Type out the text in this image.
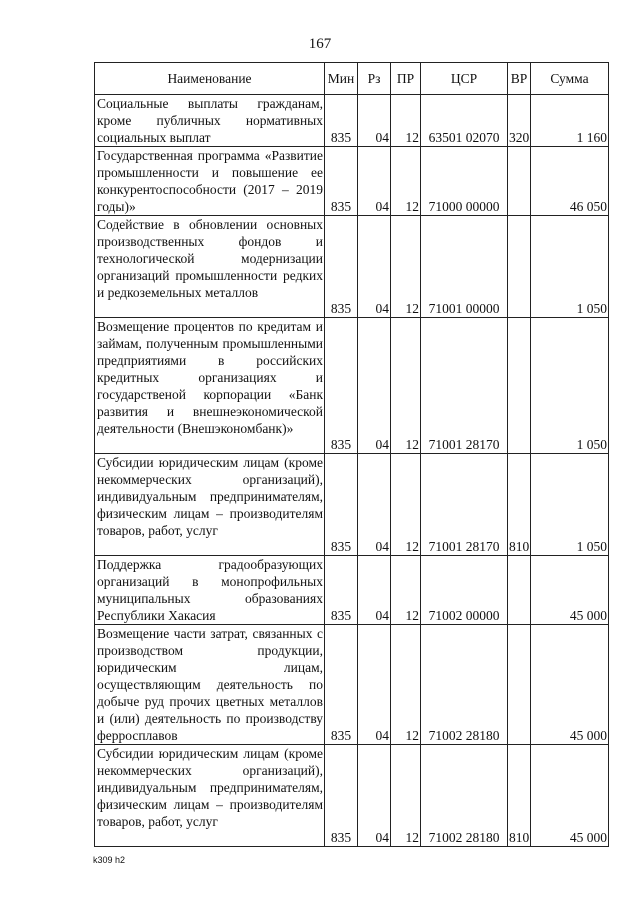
167
Наименование	Мин	Рз	ПР	ЦСР	ВР	Сумма
Социальные выплаты гражданам, кроме публичных нормативных социальных выплат	835	04	12	63501 02070	320	1 160
Государственная программа «Развитие промышленности и повышение ее конкурентоспособности (2017 – 2019 годы)»	835	04	12	71000 00000		46 050
Содействие в обновлении основных производственных фондов и технологической модернизации организаций промышленности редких и редкоземельных металлов	835	04	12	71001 00000		1 050
Возмещение процентов по кредитам и займам, полученным промышленными предприятиями в российских кредитных организациях и государственой корпорации «Банк развития и внешнеэкономической деятельности (Внешэкономбанк)»	835	04	12	71001 28170		1 050
Субсидии юридическим лицам (кроме некоммерческих организаций), индивидуальным предпринимателям, физическим лицам – производителям товаров, работ, услуг	835	04	12	71001 28170	810	1 050
Поддержка градообразующих организаций в монопрофильных муниципальных образованиях Республики Хакасия	835	04	12	71002 00000		45 000
Возмещение части затрат, связанных с производством продукции, юридическим лицам, осуществляющим деятельность по добыче руд прочих цветных металлов и (или) деятельность по производству ферросплавов	835	04	12	71002 28180		45 000
Субсидии юридическим лицам (кроме некоммерческих организаций), индивидуальным предпринимателям, физическим лицам – производителям товаров, работ, услуг	835	04	12	71002 28180	810	45 000
k309 h2
